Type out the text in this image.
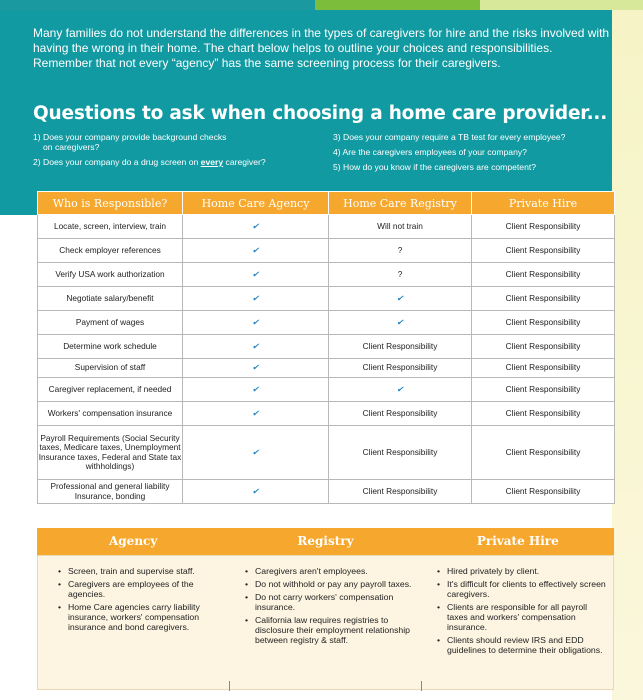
Many families do not understand the differences in the types of caregivers for hire and the risks involved with having the wrong in their home. The chart below helps to outline your choices and responsibilities. Remember that not every “agency” has the same screening process for their caregivers.

Questions to ask when choosing a home care provider...
1) Does your company provide background checks
on caregivers?
2) Does your company do a drug screen on every caregiver?
3) Does your company require a TB test for every employee?
4) Are the caregivers employees of your company?
5) How do you know if the caregivers are competent?
Who is Responsible?	Home Care Agency	Home Care Registry	Private Hire
Locate, screen, interview, train	✔	Will not train	Client Responsibility
Check employer references	✔	?	Client Responsibility
Verify USA work authorization	✔	?	Client Responsibility
Negotiate salary/benefit	✔	✔	Client Responsibility
Payment of wages	✔	✔	Client Responsibility
Determine work schedule	✔	Client Responsibility	Client Responsibility
Supervision of staff	✔	Client Responsibility	Client Responsibility
Caregiver replacement, if needed	✔	✔	Client Responsibility
Workers' compensation insurance	✔	Client Responsibility	Client Responsibility
Payroll Requirements (Social Security taxes, Medicare taxes, Unemployment Insurance taxes, Federal and State tax withholdings)	✔	Client Responsibility	Client Responsibility
Professional and general liability Insurance, bonding	✔	Client Responsibility	Client Responsibility
Agency	Registry	Private Hire
• Screen, train and supervise staff.
• Caregivers are employees of the agencies.
• Home Care agencies carry liability insurance, workers' compensation insurance and bond caregivers.
• Caregivers aren't employees.
• Do not withhold or pay any payroll taxes.
• Do not carry workers' compensation insurance.
• California law requires registries to disclosure their employment relationship between registry & staff.
• Hired privately by client.
• It's difficult for clients to effectively screen caregivers.
• Clients are responsible for all payroll taxes and workers' compensation insurance.
• Clients should review IRS and EDD guidelines to determine their obligations.
